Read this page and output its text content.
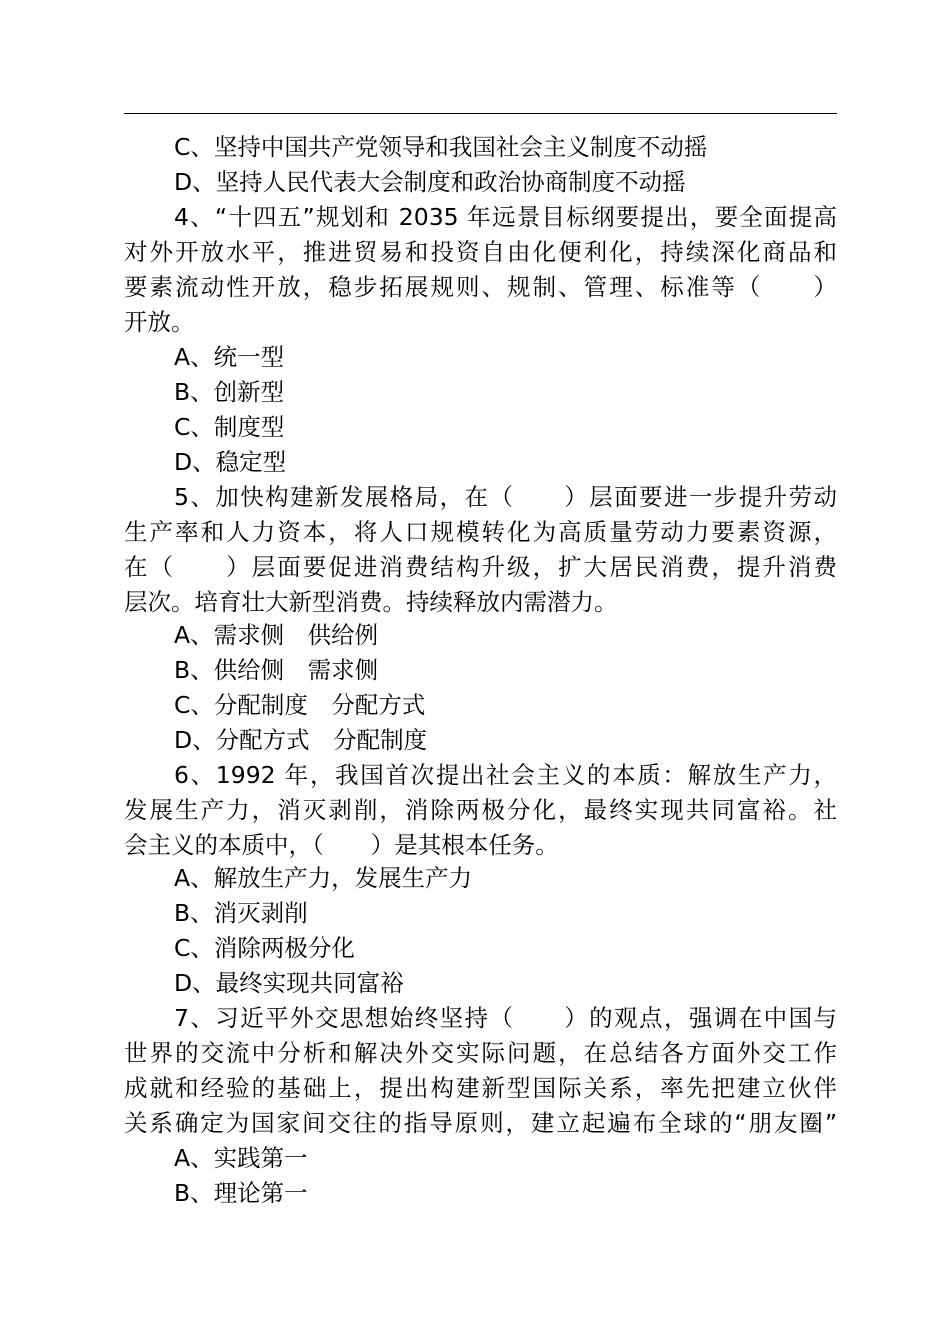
C、坚持中国共产党领导和我国社会主义制度不动摇
D、坚持人民代表大会制度和政治协商制度不动摇
4、“十四五”规划和 2035 年远景目标纲要提出，要全面提高
对外开放水平，推进贸易和投资自由化便利化，持续深化商品和
要素流动性开放，稳步拓展规则、规制、管理、标准等（　　）
开放。
A、统一型
B、创新型
C、制度型
D、稳定型
5、加快构建新发展格局，在（　　）层面要进一步提升劳动
生产率和人力资本，将人口规模转化为高质量劳动力要素资源，
在（　　）层面要促进消费结构升级，扩大居民消费，提升消费
层次。培育壮大新型消费。持续释放内需潜力。
A、需求侧　供给例
B、供给侧　需求侧
C、分配制度　分配方式
D、分配方式　分配制度
6、1992 年，我国首次提出社会主义的本质：解放生产力，
发展生产力，消灭剥削，消除两极分化，最终实现共同富裕。社
会主义的本质中，（　　）是其根本任务。
A、解放生产力，发展生产力
B、消灭剥削
C、消除两极分化
D、最终实现共同富裕
7、习近平外交思想始终坚持（　　）的观点，强调在中国与
世界的交流中分析和解决外交实际问题，在总结各方面外交工作
成就和经验的基础上，提出构建新型国际关系，率先把建立伙伴
关系确定为国家间交往的指导原则，建立起遍布全球的“朋友圈”
A、实践第一
B、理论第一
